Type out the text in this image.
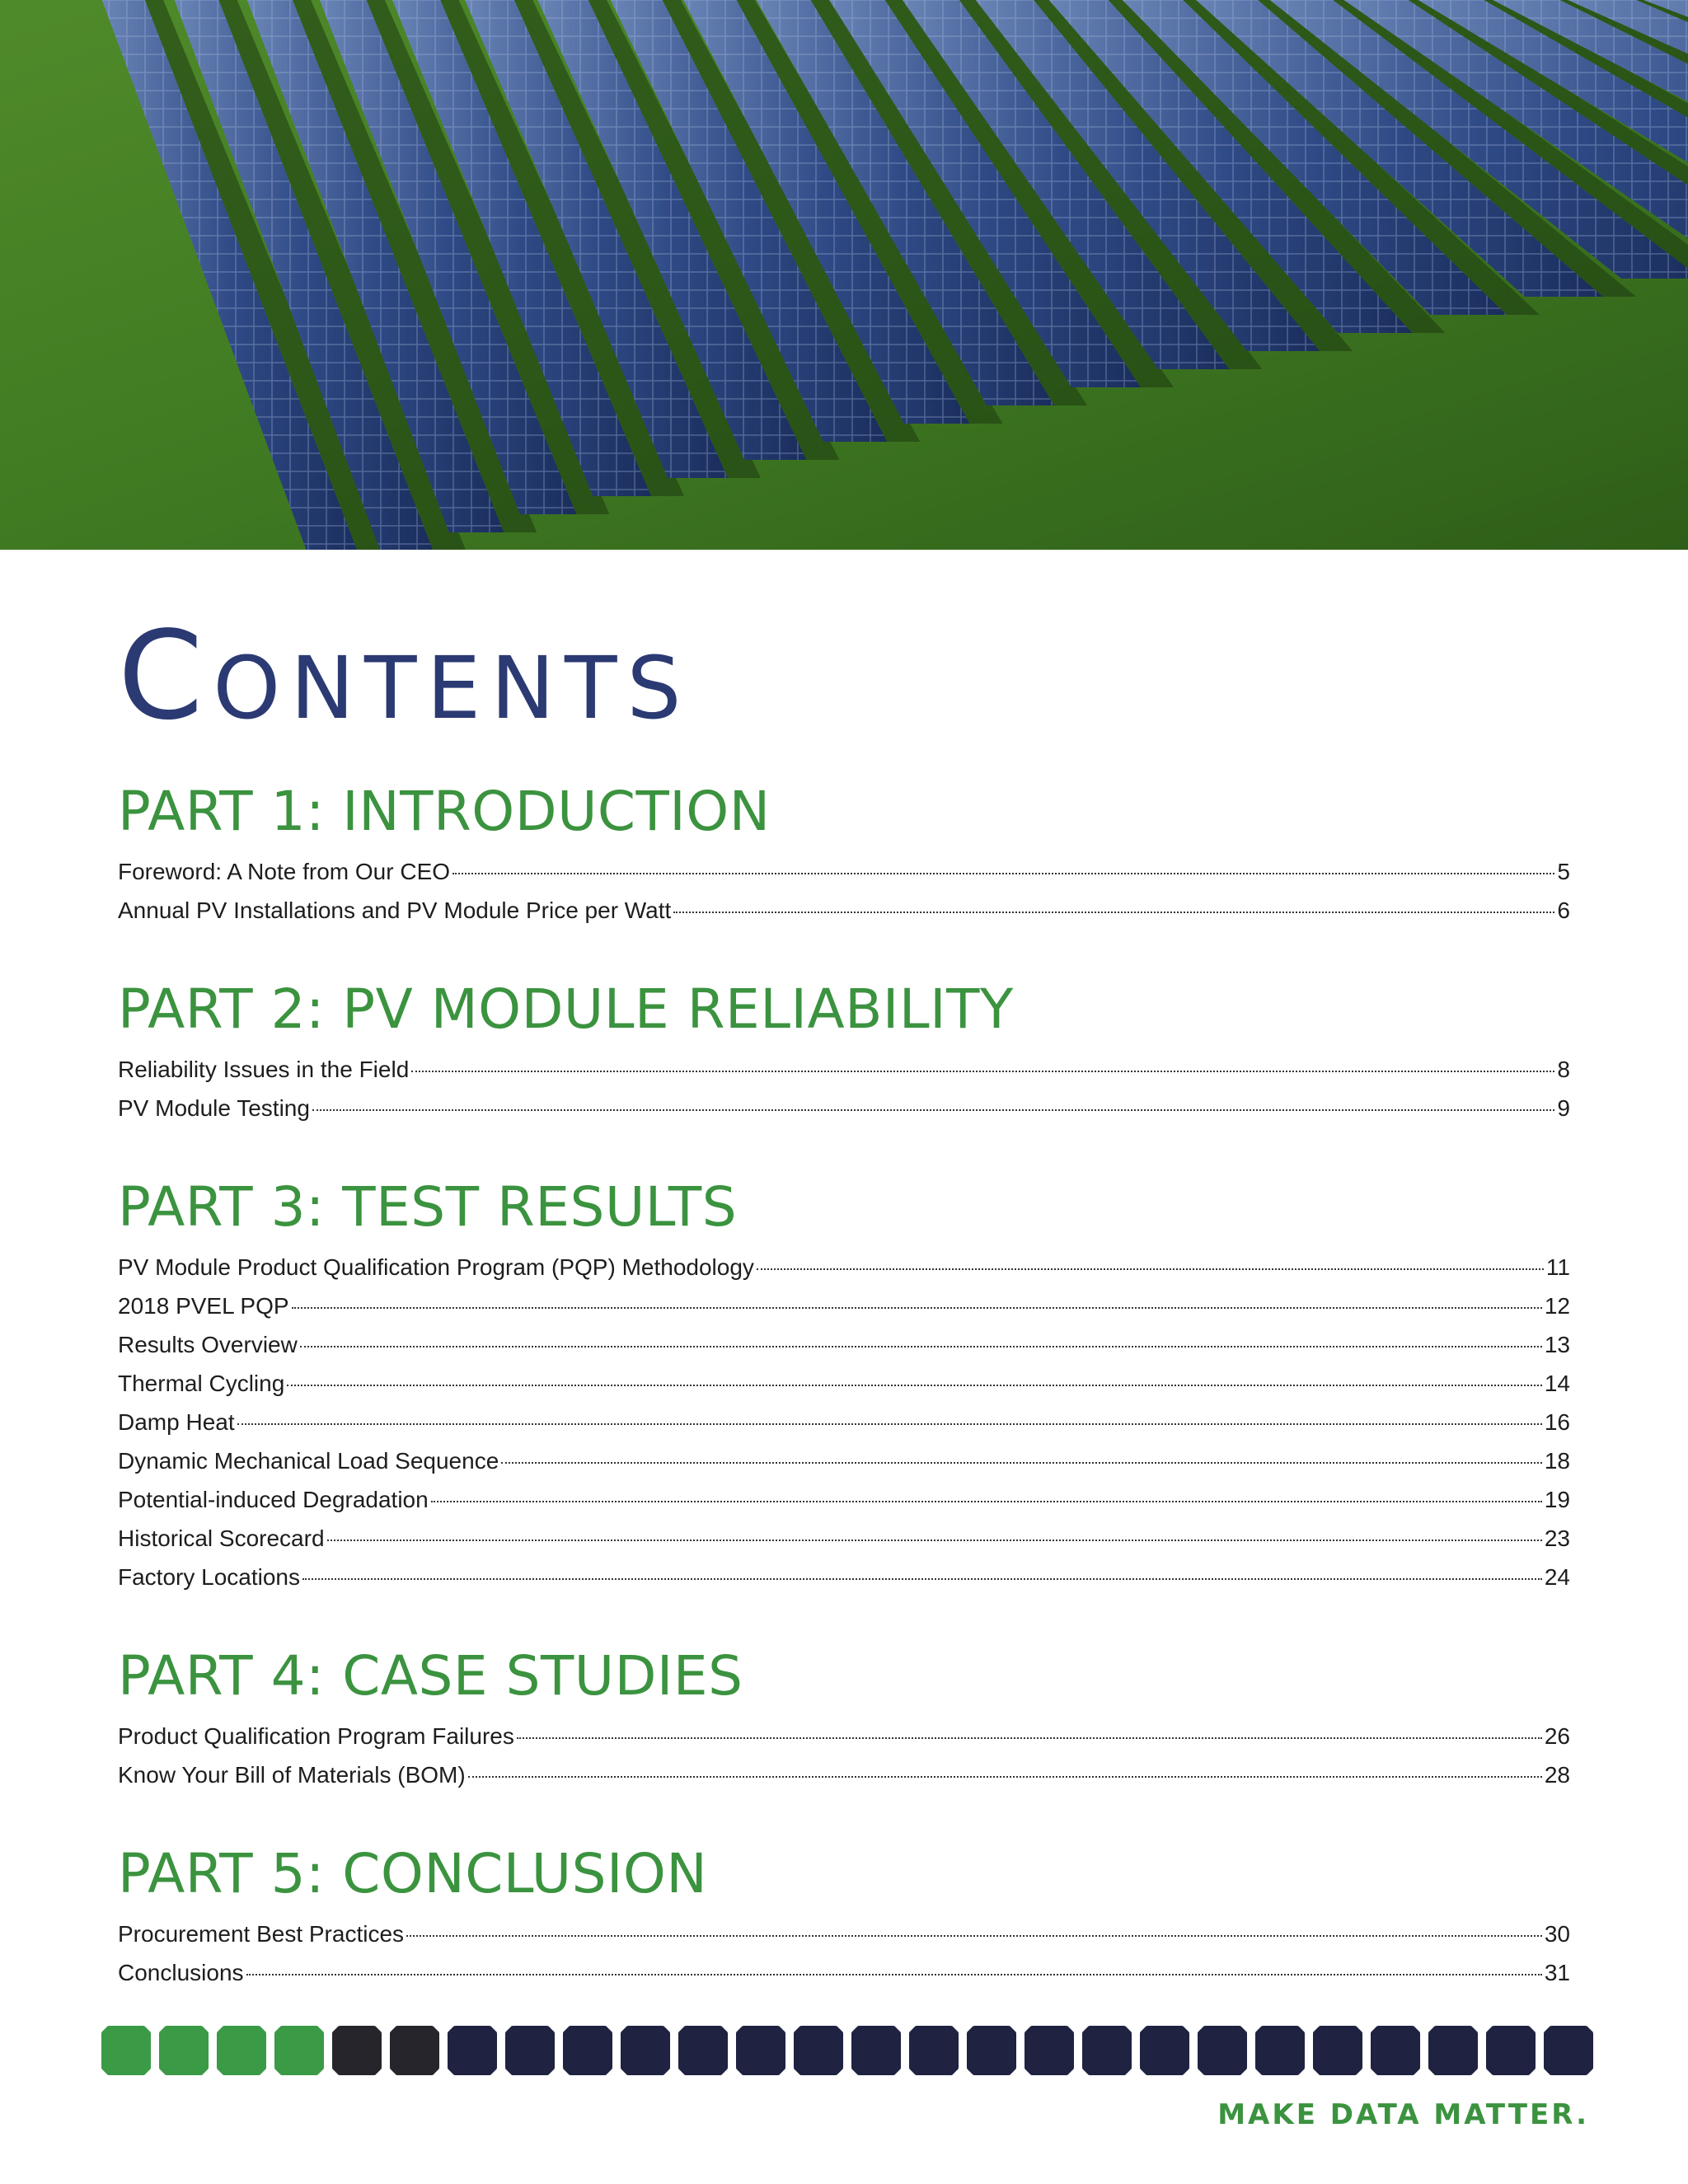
Contents
PART 1: INTRODUCTION
Foreword: A Note from Our CEO	5
Annual PV Installations and PV Module Price per Watt	6
PART 2: PV MODULE RELIABILITY
Reliability Issues in the Field	8
PV Module Testing	9
PART 3: TEST RESULTS
PV Module Product Qualification Program (PQP) Methodology	11
2018 PVEL PQP	12
Results Overview	13
Thermal Cycling	14
Damp Heat	16
Dynamic Mechanical Load Sequence	18
Potential-induced Degradation	19
Historical Scorecard	23
Factory Locations	24
PART 4: CASE STUDIES
Product Qualification Program Failures	26
Know Your Bill of Materials (BOM)	28
PART 5: CONCLUSION
Procurement Best Practices	30
Conclusions	31
MAKE DATA MATTER.
